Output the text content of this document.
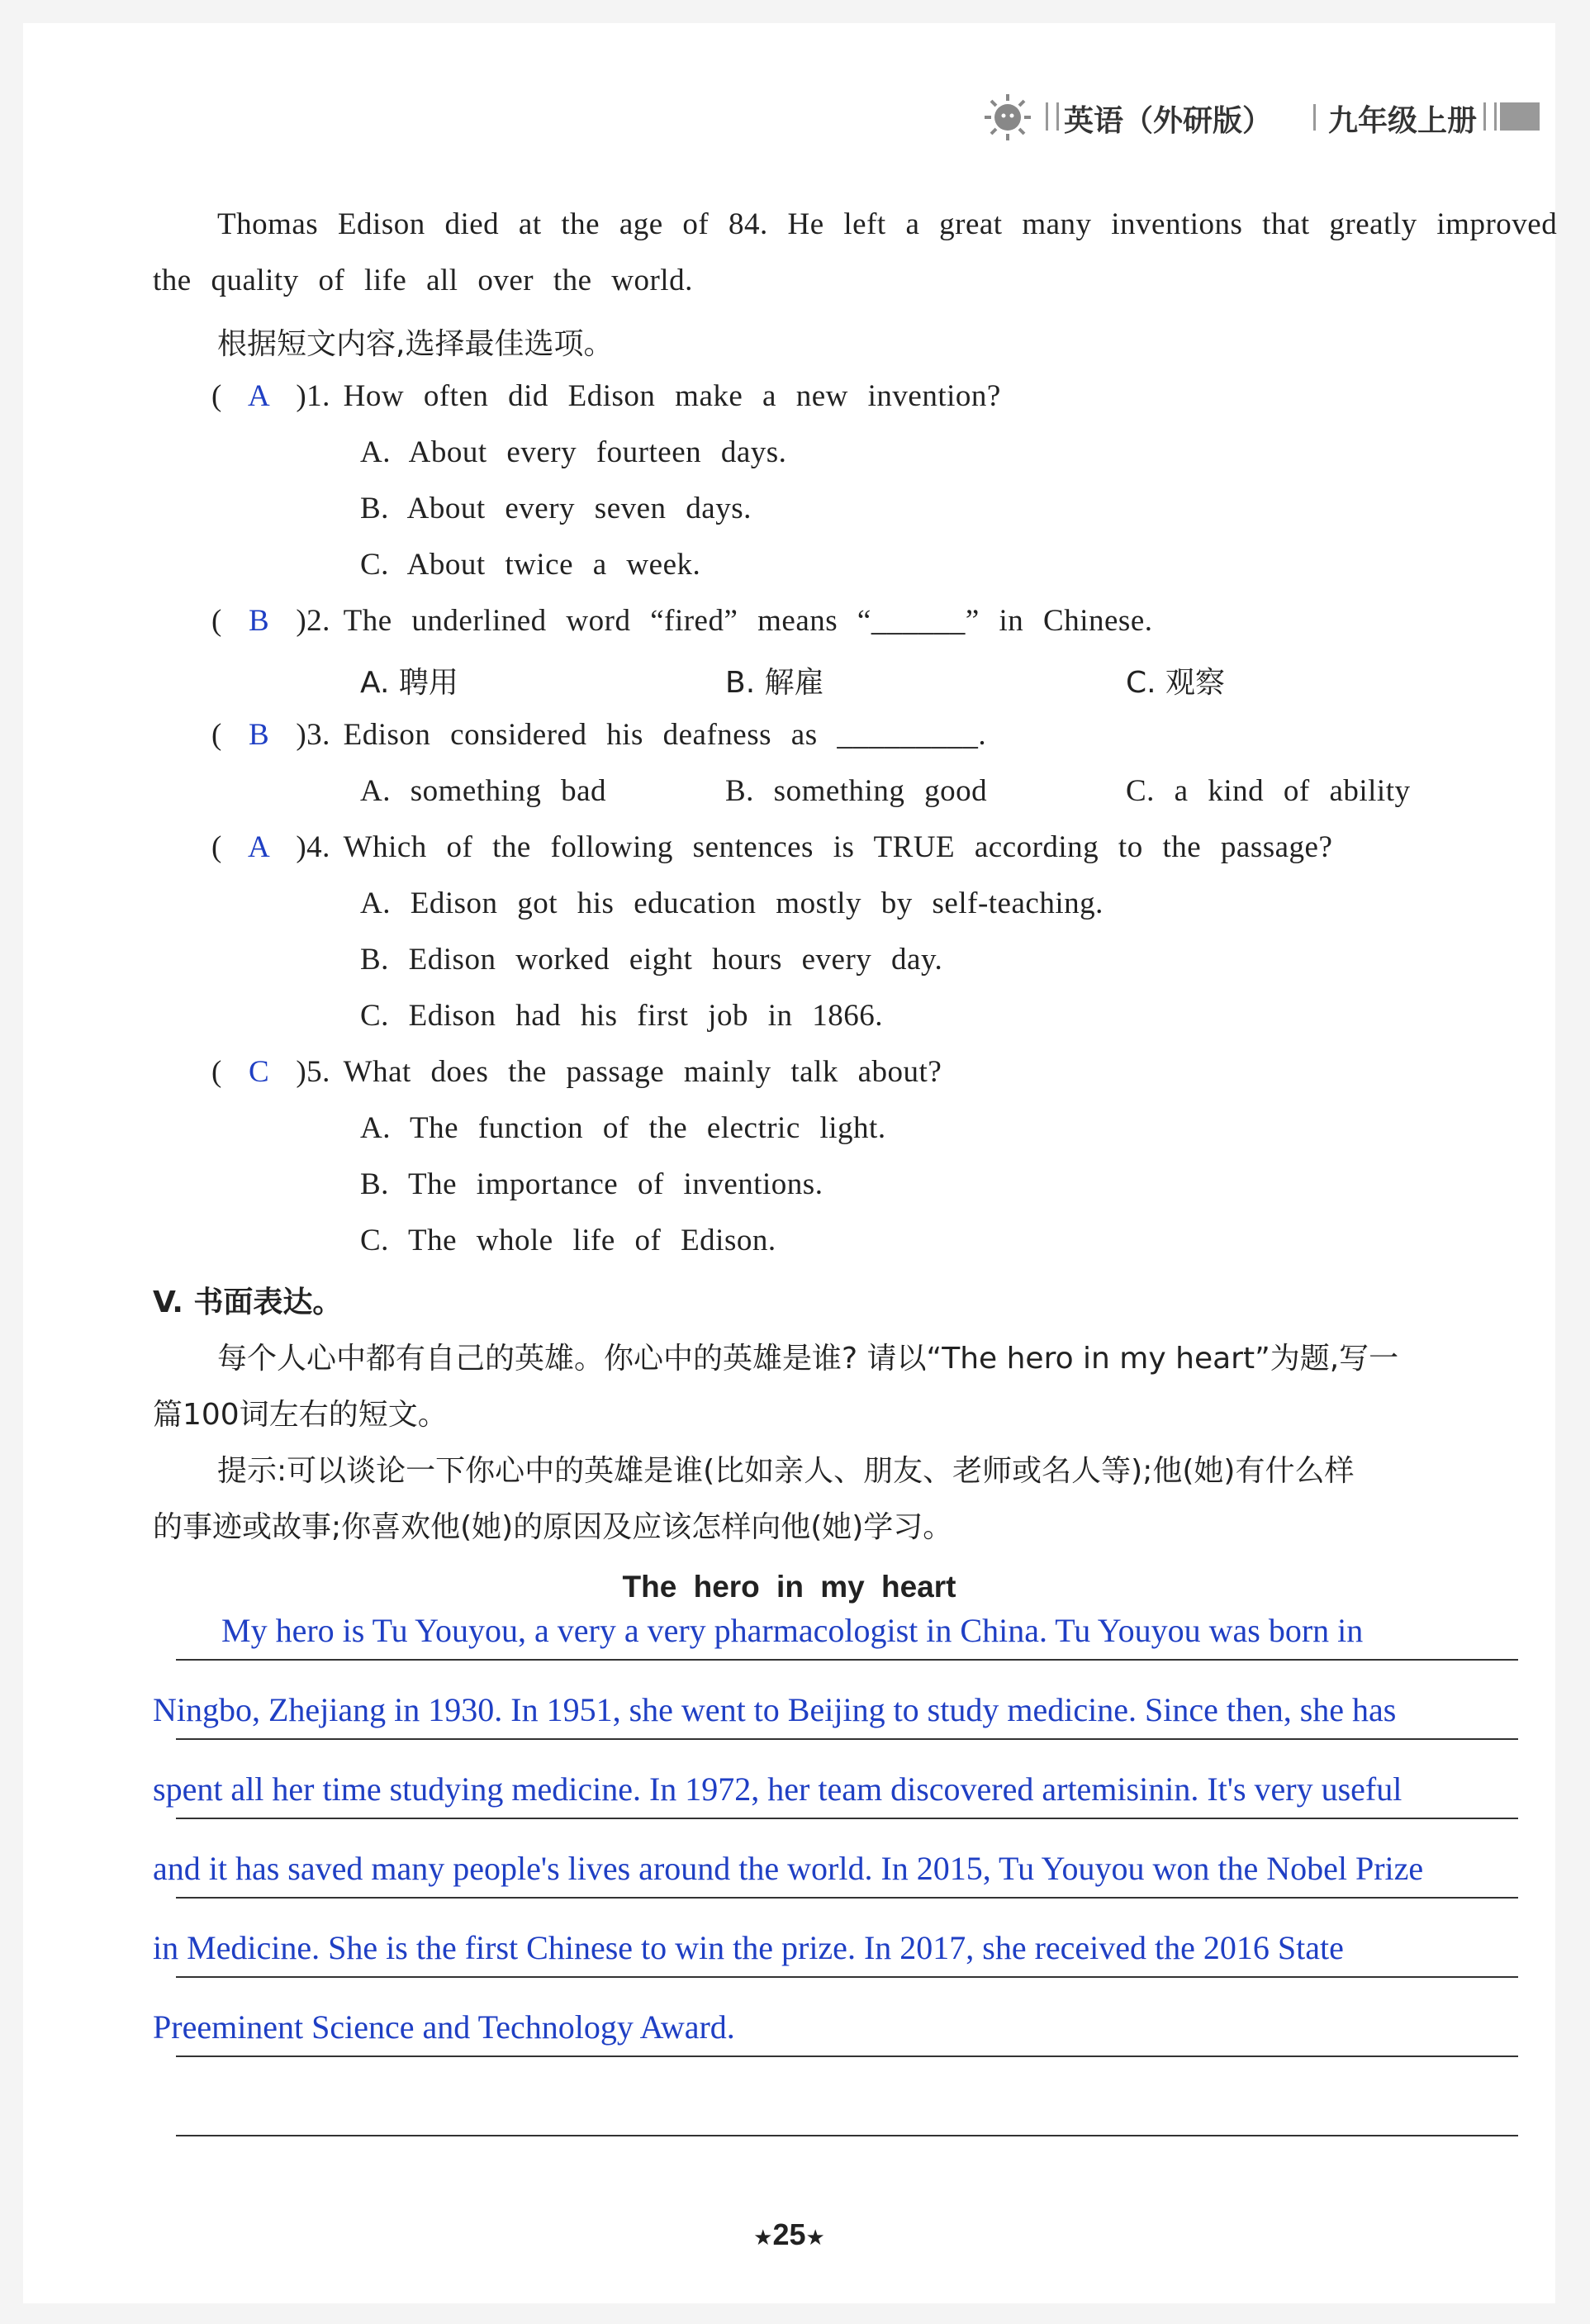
英语（外研版） 九年级上册
Thomas Edison died at the age of 84. He left a great many inventions that greatly improved
the quality of life all over the world.
根据短文内容,选择最佳选项。
( A )1. How often did Edison make a new invention?
A. About every fourteen days.
B. About every seven days.
C. About twice a week.
( B )2. The underlined word “fired” means “______” in Chinese.
A. 聘用	B. 解雇	C. 观察
( B )3. Edison considered his deafness as _________.
A. something bad	B. something good	C. a kind of ability
( A )4. Which of the following sentences is TRUE according to the passage?
A. Edison got his education mostly by self-teaching.
B. Edison worked eight hours every day.
C. Edison had his first job in 1866.
( C )5. What does the passage mainly talk about?
A. The function of the electric light.
B. The importance of inventions.
C. The whole life of Edison.
V. 书面表达。
每个人心中都有自己的英雄。你心中的英雄是谁? 请以“The hero in my heart”为题,写一
篇100词左右的短文。
提示:可以谈论一下你心中的英雄是谁(比如亲人、朋友、老师或名人等);他(她)有什么样
的事迹或故事;你喜欢他(她)的原因及应该怎样向他(她)学习。
The hero in my heart
My hero is Tu Youyou, a very a very pharmacologist in China. Tu Youyou was born in
Ningbo, Zhejiang in 1930. In 1951, she went to Beijing to study medicine. Since then, she has
spent all her time studying medicine. In 1972, her team discovered artemisinin. It's very useful
and it has saved many people's lives around the world. In 2015, Tu Youyou won the Nobel Prize
in Medicine. She is the first Chinese to win the prize. In 2017, she received the 2016 State
Preeminent Science and Technology Award.
★25★
